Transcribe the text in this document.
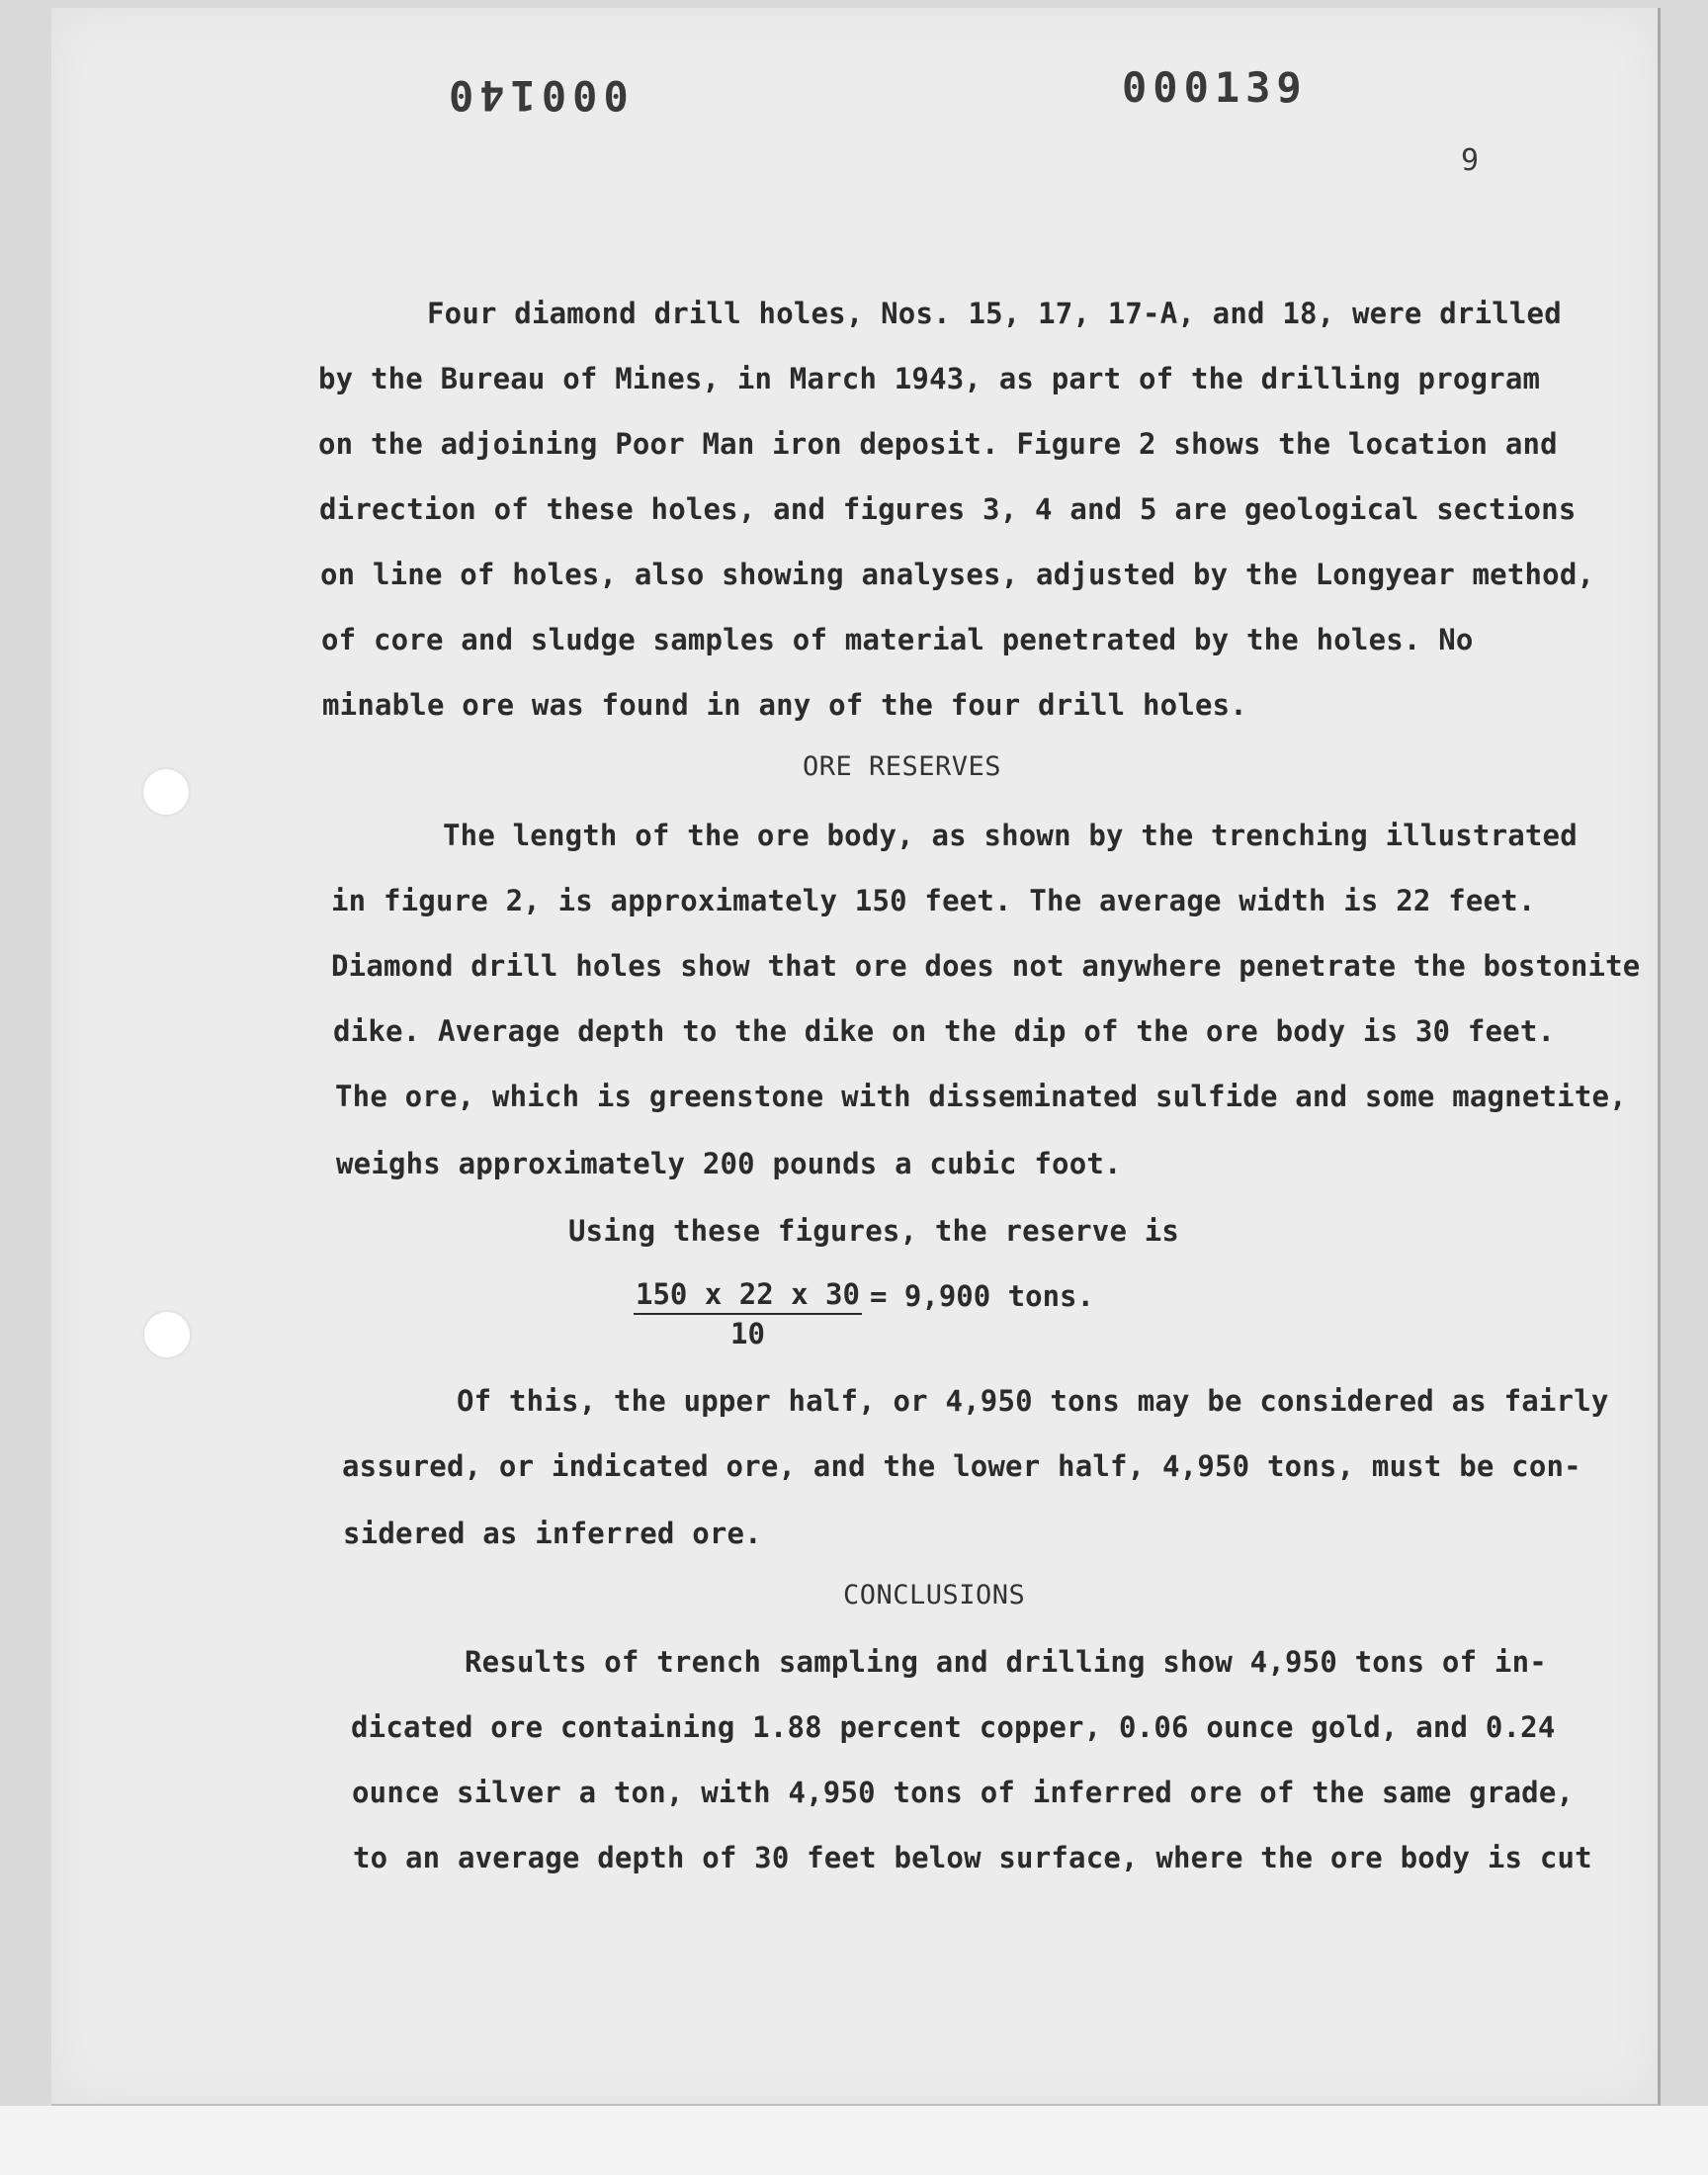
000140	000139
9
Four diamond drill holes, Nos. 15, 17, 17-A, and 18, were drilled
by the Bureau of Mines, in March 1943, as part of the drilling program
on the adjoining Poor Man iron deposit. Figure 2 shows the location and
direction of these holes, and figures 3, 4 and 5 are geological sections
on line of holes, also showing analyses, adjusted by the Longyear method,
of core and sludge samples of material penetrated by the holes. No
minable ore was found in any of the four drill holes.
ORE RESERVES
The length of the ore body, as shown by the trenching illustrated
in figure 2, is approximately 150 feet. The average width is 22 feet.
Diamond drill holes show that ore does not anywhere penetrate the bostonite
dike. Average depth to the dike on the dip of the ore body is 30 feet.
The ore, which is greenstone with disseminated sulfide and some magnetite,
weighs approximately 200 pounds a cubic foot.
Using these figures, the reserve is
$\frac{150 x 22 x 30}{10} = 9,900$ tons.
Of this, the upper half, or 4,950 tons may be considered as fairly
assured, or indicated ore, and the lower half, 4,950 tons, must be con-
sidered as inferred ore.
CONCLUSIONS
Results of trench sampling and drilling show 4,950 tons of in-
dicated ore containing 1.88 percent copper, 0.06 ounce gold, and 0.24
ounce silver a ton, with 4,950 tons of inferred ore of the same grade,
to an average depth of 30 feet below surface, where the ore body is cut
